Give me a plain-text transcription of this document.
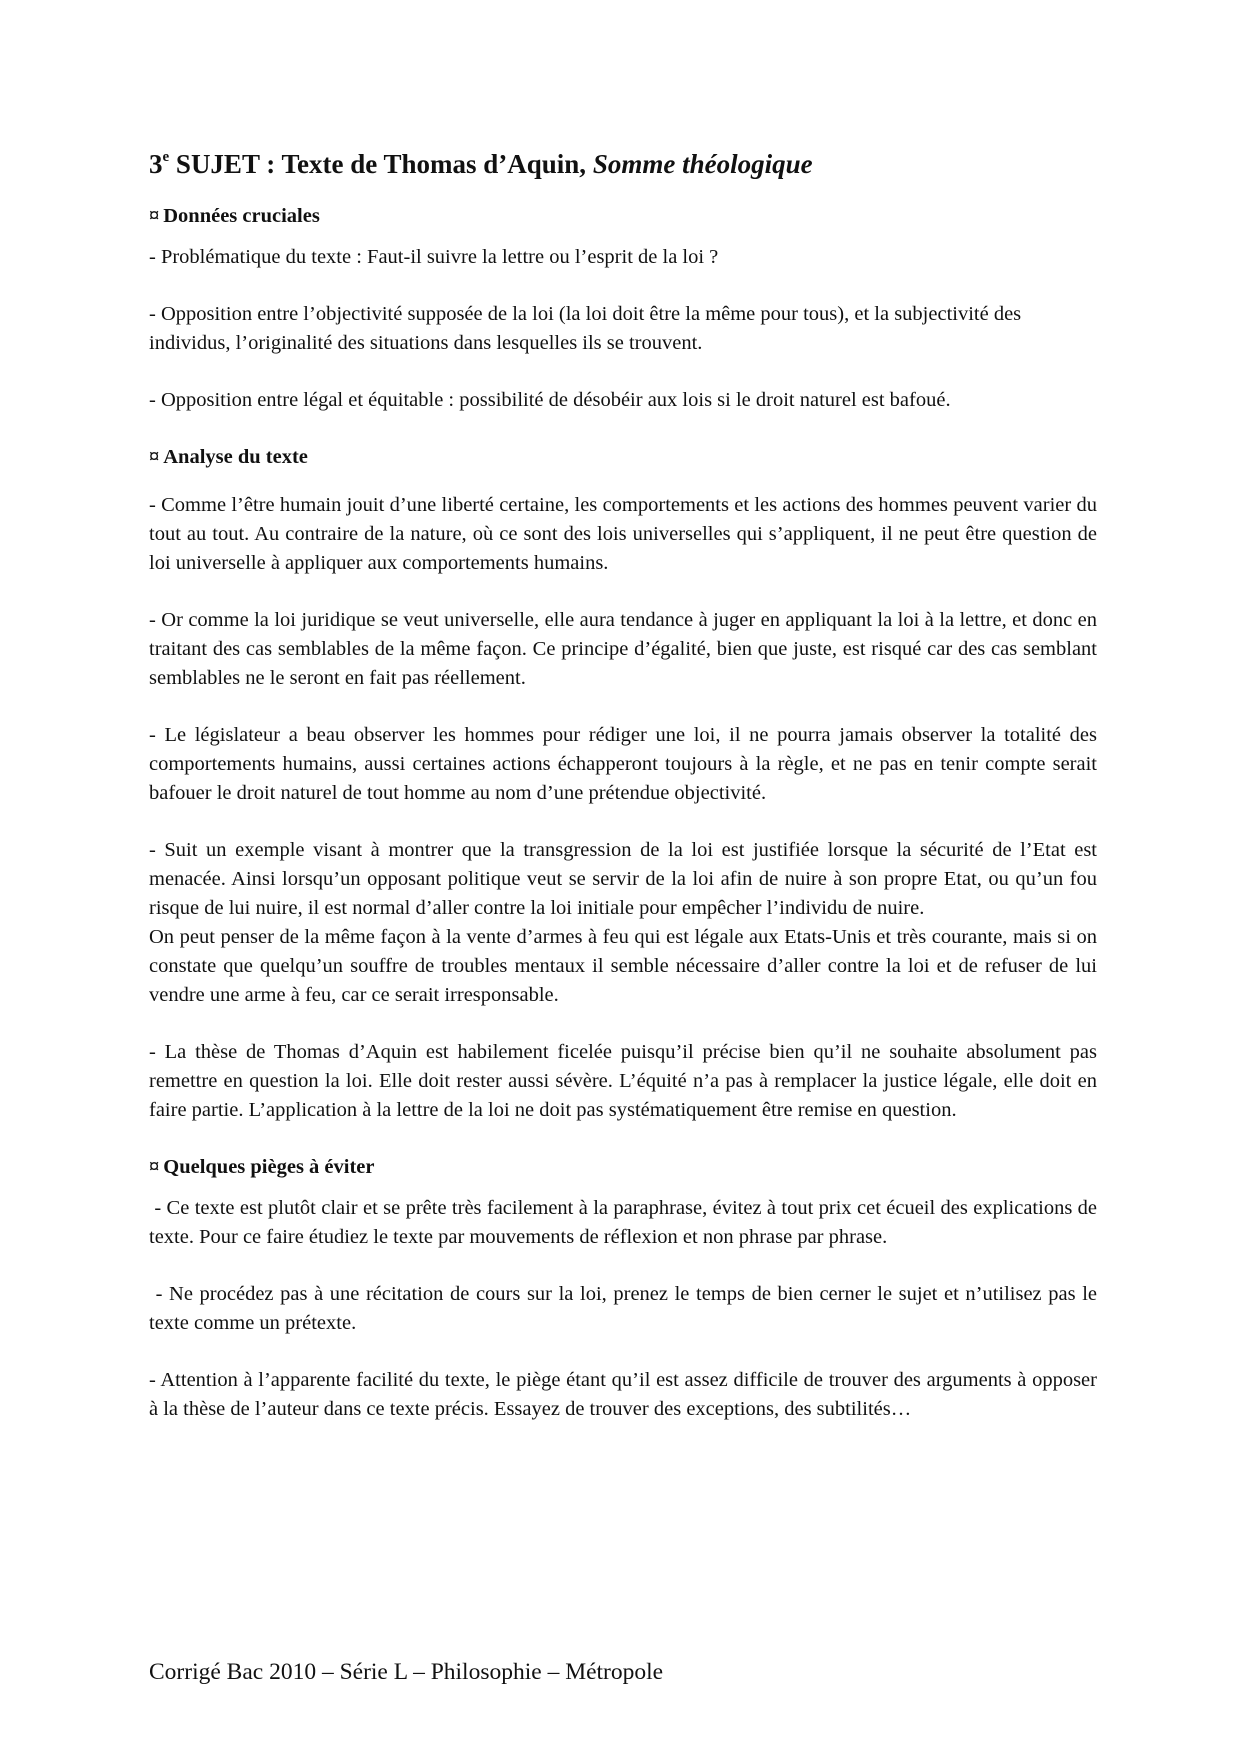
3e SUJET : Texte de Thomas d’Aquin, Somme théologique
¤ Données cruciales

- Problématique du texte : Faut-il suivre la lettre ou l’esprit de la loi ?

- Opposition entre l’objectivité supposée de la loi (la loi doit être la même pour tous), et la subjectivité des individus, l’originalité des situations dans lesquelles ils se trouvent.

- Opposition entre légal et équitable : possibilité de désobéir aux lois si le droit naturel est bafoué.

¤ Analyse du texte

- Comme l’être humain jouit d’une liberté certaine, les comportements et les actions des hommes peuvent varier du tout au tout. Au contraire de la nature, où ce sont des lois universelles qui s’appliquent, il ne peut être question de loi universelle à appliquer aux comportements humains.

- Or comme la loi juridique se veut universelle, elle aura tendance à juger en appliquant la loi à la lettre, et donc en traitant des cas semblables de la même façon. Ce principe d’égalité, bien que juste, est risqué car des cas semblant semblables ne le seront en fait pas réellement.

- Le législateur a beau observer les hommes pour rédiger une loi, il ne pourra jamais observer la totalité des comportements humains, aussi certaines actions échapperont toujours à la règle, et ne pas en tenir compte serait bafouer le droit naturel de tout homme au nom d’une prétendue objectivité.

- Suit un exemple visant à montrer que la transgression de la loi est justifiée lorsque la sécurité de l’Etat est menacée. Ainsi lorsqu’un opposant politique veut se servir de la loi afin de nuire à son propre Etat, ou qu’un fou risque de lui nuire, il est normal d’aller contre la loi initiale pour empêcher l’individu de nuire.

On peut penser de la même façon à la vente d’armes à feu qui est légale aux Etats-Unis et très courante, mais si on constate que quelqu’un souffre de troubles mentaux il semble nécessaire d’aller contre la loi et de refuser de lui vendre une arme à feu, car ce serait irresponsable.

- La thèse de Thomas d’Aquin est habilement ficelée puisqu’il précise bien qu’il ne souhaite absolument pas remettre en question la loi. Elle doit rester aussi sévère. L’équité n’a pas à remplacer la justice légale, elle doit en faire partie. L’application à la lettre de la loi ne doit pas systématiquement être remise en question.

¤ Quelques pièges à éviter

- Ce texte est plutôt clair et se prête très facilement à la paraphrase, évitez à tout prix cet écueil des explications de texte. Pour ce faire étudiez le texte par mouvements de réflexion et non phrase par phrase.

- Ne procédez pas à une récitation de cours sur la loi, prenez le temps de bien cerner le sujet et n’utilisez pas le texte comme un prétexte.

- Attention à l’apparente facilité du texte, le piège étant qu’il est assez difficile de trouver des arguments à opposer à la thèse de l’auteur dans ce texte précis. Essayez de trouver des exceptions, des subtilités…

Corrigé Bac 2010 – Série L – Philosophie – Métropole
